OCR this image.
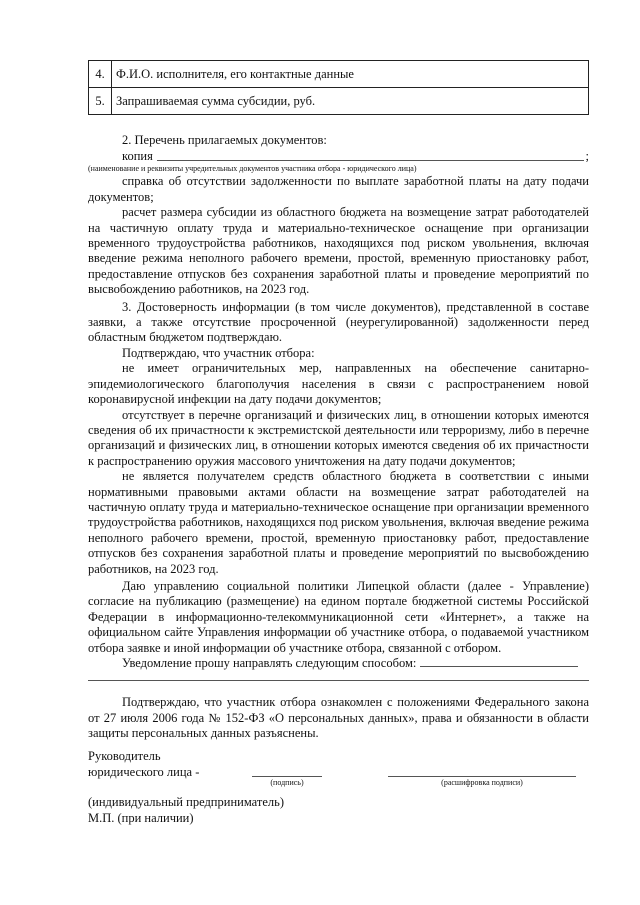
4.	Ф.И.О. исполнителя, его контактные данные
5.	Запрашиваемая сумма субсидии, руб.

2. Перечень прилагаемых документов:

копия	;

(наименование и реквизиты учредительных документов участника отбора - юридического лица)

справка об отсутствии задолженности по выплате заработной платы на дату подачи документов;

расчет размера субсидии из областного бюджета на возмещение затрат работодателей на частичную оплату труда и материально-техническое оснащение при организации временного трудоустройства работников, находящихся под риском увольнения, включая введение режима неполного рабочего времени, простой, временную приостановку работ, предоставление отпусков без сохранения заработной платы и проведение мероприятий по высвобождению работников, на 2023 год.

3. Достоверность информации (в том числе документов), представленной в составе заявки, а также отсутствие просроченной (неурегулированной) задолженности перед областным бюджетом подтверждаю.

Подтверждаю, что участник отбора:

не имеет ограничительных мер, направленных на обеспечение санитарно-эпидемиологического благополучия населения в связи с распространением новой коронавирусной инфекции на дату подачи документов;

отсутствует в перечне организаций и физических лиц, в отношении которых имеются сведения об их причастности к экстремистской деятельности или терроризму, либо в перечне организаций и физических лиц, в отношении которых имеются сведения об их причастности к распространению оружия массового уничтожения на дату подачи документов;

не является получателем средств областного бюджета в соответствии с иными нормативными правовыми актами области на возмещение затрат работодателей на частичную оплату труда и материально-техническое оснащение при организации временного трудоустройства работников, находящихся под риском увольнения, включая введение режима неполного рабочего времени, простой, временную приостановку работ, предоставление отпусков без сохранения заработной платы и проведение мероприятий по высвобождению работников, на 2023 год.

Даю управлению социальной политики Липецкой области (далее - Управление) согласие на публикацию (размещение) на едином портале бюджетной системы Российской Федерации в информационно-телекоммуникационной сети «Интернет», а также на официальном сайте Управления информации об участнике отбора, о подаваемой участником отбора заявке и иной информации об участнике отбора, связанной с отбором.

Уведомление прошу направлять следующим способом:

Подтверждаю, что участник отбора ознакомлен с положениями Федерального закона от 27 июля 2006 года № 152-ФЗ «О персональных данных», права и обязанности в области защиты персональных данных разъяснены.

Руководитель

юридического лица -

(подпись)	(расшифровка подписи)

(индивидуальный предприниматель)

М.П. (при наличии)
